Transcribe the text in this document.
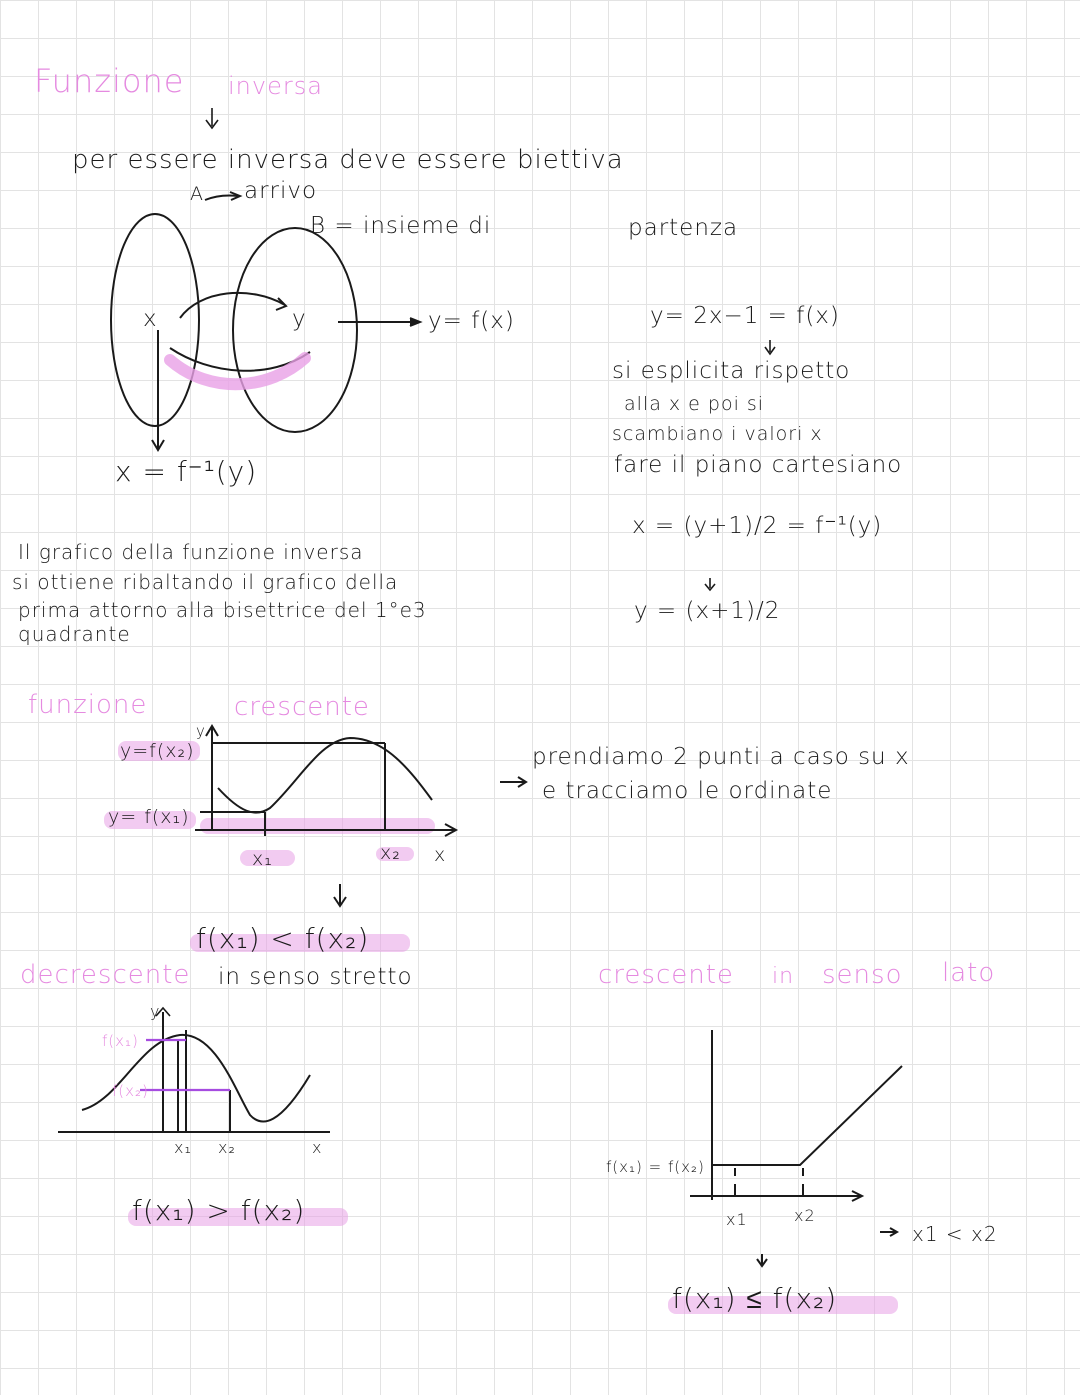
Funzione inversa
per essere inversa deve essere biettiva
A arrivo
B = insieme di	partenza
x	y	y= f(x)
x = f⁻¹(y)
y= 2x−1 = f(x)
si esplicita rispetto
alla x e poi si
scambiano i valori x
fare il piano cartesiano
x = (y+1)/2 = f⁻¹(y)
y = (x+1)/2
Il grafico della funzione inversa
si ottiene ribaltando il grafico della
prima attorno alla bisettrice del 1°e3
quadrante
funzione	crescente
y=f(x₂)
y
y= f(x₁)
x₁	x₂ x
prendiamo 2 punti a caso su x
e tracciamo le ordinate
f(x₁) < f(x₂)
in senso stretto
decrescente
y
f(x₁)
f(x₂)
x₁ x₂	x
f(x₁) > f(x₂)
crescente in senso lato
f(x₁) = f(x₂)
x1	x2
x1 < x2
f(x₁) ≤ f(x₂)
